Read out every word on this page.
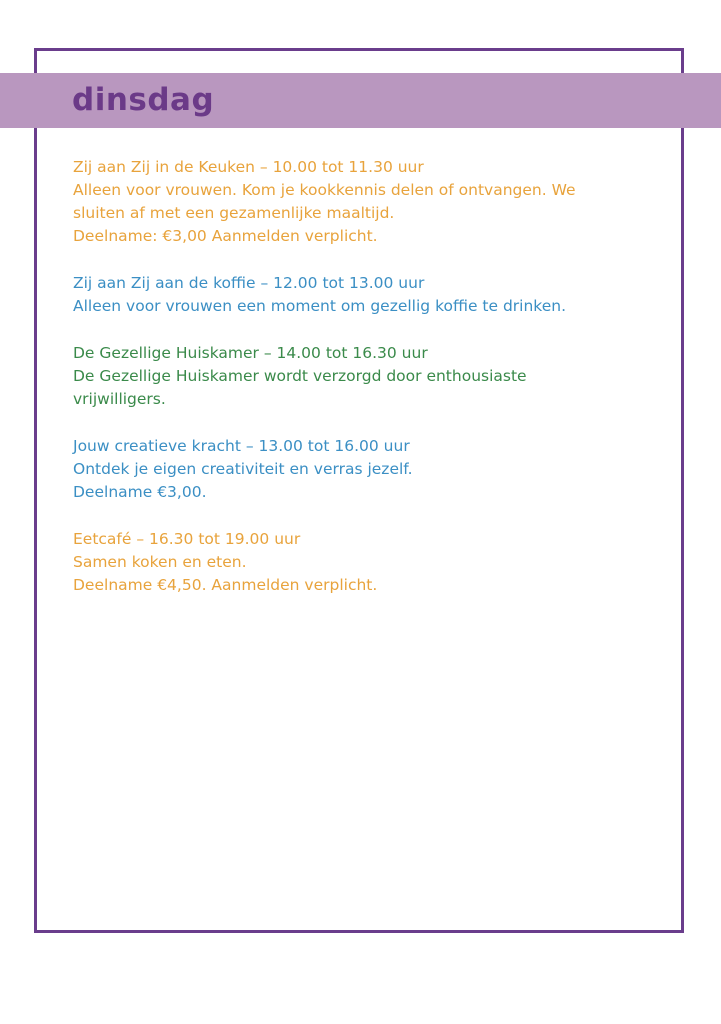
dinsdag

Zij aan Zij in de Keuken – 10.00 tot 11.30 uur

Alleen voor vrouwen. Kom je kookkennis delen of ontvangen. We

sluiten af met een gezamenlijke maaltijd.

Deelname: €3,00 Aanmelden verplicht.

Zij aan Zij aan de koffie – 12.00 tot 13.00 uur

Alleen voor vrouwen een moment om gezellig koffie te drinken.

De Gezellige Huiskamer – 14.00 tot 16.30 uur

De Gezellige Huiskamer wordt verzorgd door enthousiaste

vrijwilligers.

Jouw creatieve kracht – 13.00 tot 16.00 uur

Ontdek je eigen creativiteit en verras jezelf.

Deelname €3,00.

Eetcafé – 16.30 tot 19.00 uur

Samen koken en eten.

Deelname €4,50. Aanmelden verplicht.
